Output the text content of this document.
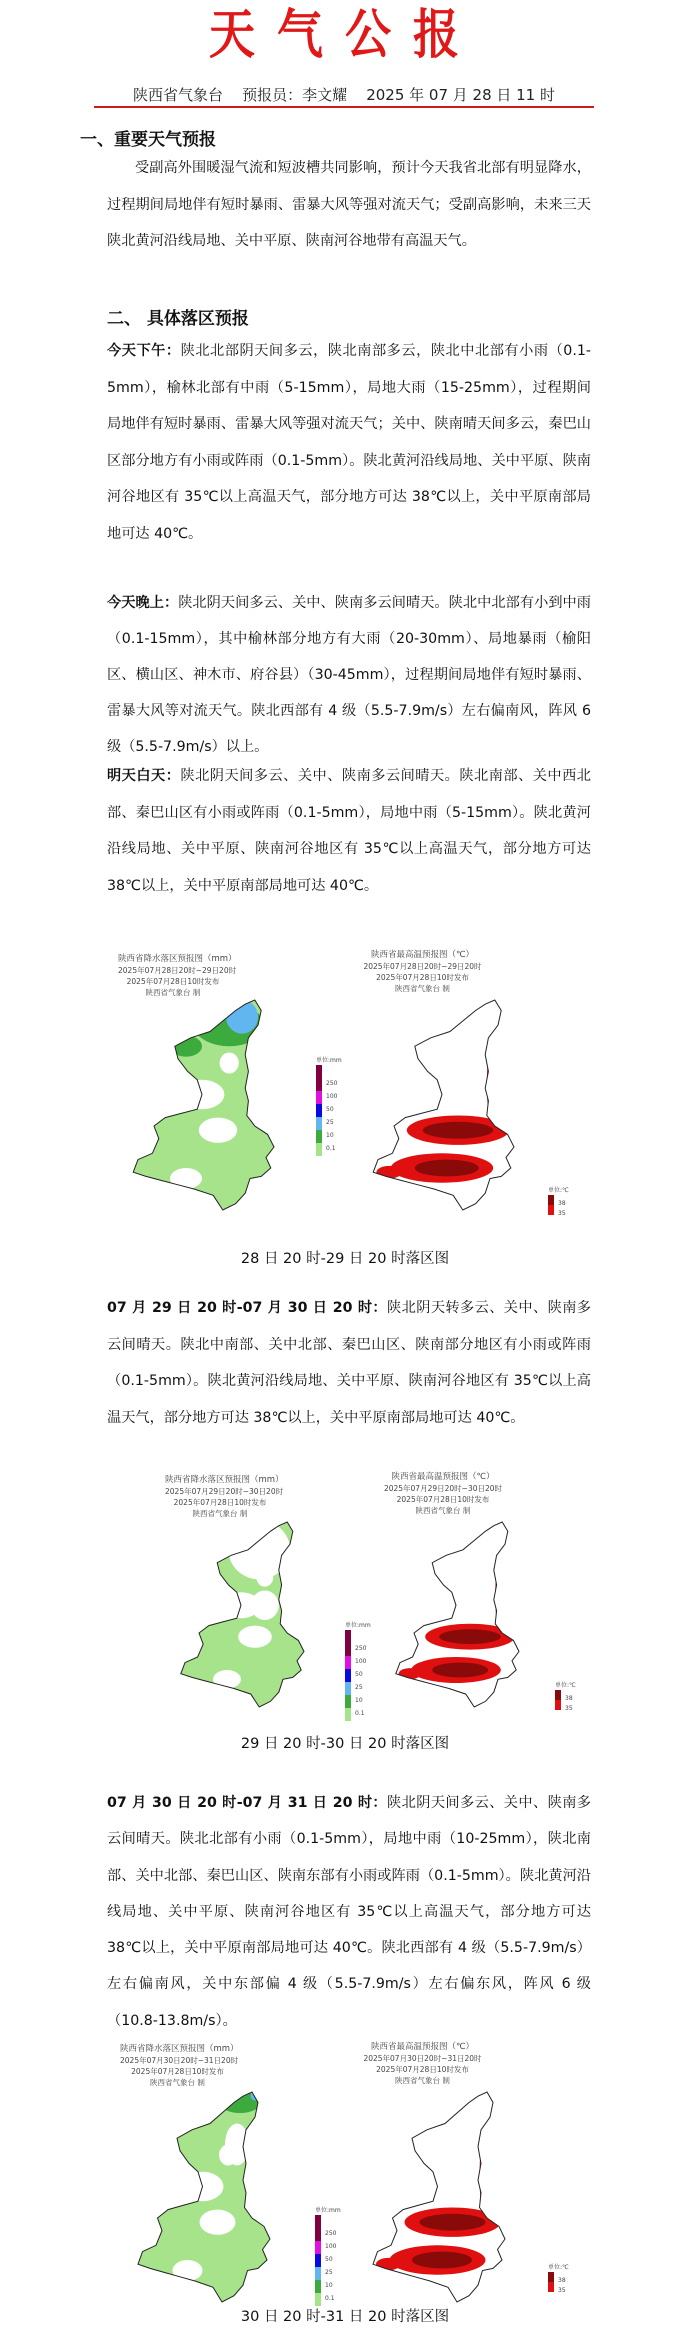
天气公报
陕西省气象台 预报员：李文耀 2025 年 07 月 28 日 11 时
一、重要天气预报
受副高外围暖湿气流和短波槽共同影响，预计今天我省北部有明显降水，过程期间局地伴有短时暴雨、雷暴大风等强对流天气；受副高影响，未来三天陕北黄河沿线局地、关中平原、陕南河谷地带有高温天气。
二、 具体落区预报
今天下午：陕北北部阴天间多云，陕北南部多云，陕北中北部有小雨（0.1-5mm），榆林北部有中雨（5-15mm），局地大雨（15-25mm），过程期间局地伴有短时暴雨、雷暴大风等强对流天气；关中、陕南晴天间多云，秦巴山区部分地方有小雨或阵雨（0.1-5mm）。陕北黄河沿线局地、关中平原、陕南河谷地区有 35℃以上高温天气，部分地方可达 38℃以上，关中平原南部局地可达 40℃。
今天晚上：陕北阴天间多云、关中、陕南多云间晴天。陕北中北部有小到中雨（0.1-15mm），其中榆林部分地方有大雨（20-30mm）、局地暴雨（榆阳区、横山区、神木市、府谷县）（30-45mm），过程期间局地伴有短时暴雨、雷暴大风等对流天气。陕北西部有 4 级（5.5-7.9m/s）左右偏南风，阵风 6 级（5.5-7.9m/s）以上。
明天白天：陕北阴天间多云、关中、陕南多云间晴天。陕北南部、关中西北部、秦巴山区有小雨或阵雨（0.1-5mm），局地中雨（5-15mm）。陕北黄河沿线局地、关中平原、陕南河谷地区有 35℃以上高温天气，部分地方可达 38℃以上，关中平原南部局地可达 40℃。
陕西省降水落区预报图（mm）
2025年07月28日20时~29日20时
2025年07月28日10时发布
陕西省气象台 制
陕西省最高温预报图（℃）
2025年07月28日20时~29日20时
2025年07月28日10时发布
陕西省气象台 制
28 日 20 时-29 日 20 时落区图
07 月 29 日 20 时-07 月 30 日 20 时：陕北阴天转多云、关中、陕南多云间晴天。陕北中南部、关中北部、秦巴山区、陕南部分地区有小雨或阵雨（0.1-5mm）。陕北黄河沿线局地、关中平原、陕南河谷地区有 35℃以上高温天气，部分地方可达 38℃以上，关中平原南部局地可达 40℃。
陕西省降水落区预报图（mm）
2025年07月29日20时~30日20时
2025年07月28日10时发布
陕西省气象台 制
陕西省最高温预报图（℃）
2025年07月29日20时~30日20时
2025年07月28日10时发布
陕西省气象台 制
29 日 20 时-30 日 20 时落区图
07 月 30 日 20 时-07 月 31 日 20 时：陕北阴天间多云、关中、陕南多云间晴天。陕北北部有小雨（0.1-5mm），局地中雨（10-25mm），陕北南部、关中北部、秦巴山区、陕南东部有小雨或阵雨（0.1-5mm）。陕北黄河沿线局地、关中平原、陕南河谷地区有 35℃以上高温天气，部分地方可达 38℃以上，关中平原南部局地可达 40℃。陕北西部有 4 级（5.5-7.9m/s）左右偏南风，关中东部偏 4 级（5.5-7.9m/s）左右偏东风，阵风 6 级（10.8-13.8m/s）。
陕西省降水落区预报图（mm）
2025年07月30日20时~31日20时
2025年07月28日10时发布
陕西省气象台 制
陕西省最高温预报图（℃）
2025年07月30日20时~31日20时
2025年07月28日10时发布
陕西省气象台 制
30 日 20 时-31 日 20 时落区图
单位:mm
0.1
10
25
50
100
250
单位:℃
35
38
单位:mm
0.1
10
25
50
100
250
单位:℃
35
38
单位:mm
0.1
10
25
50
100
250
单位:℃
35
38
